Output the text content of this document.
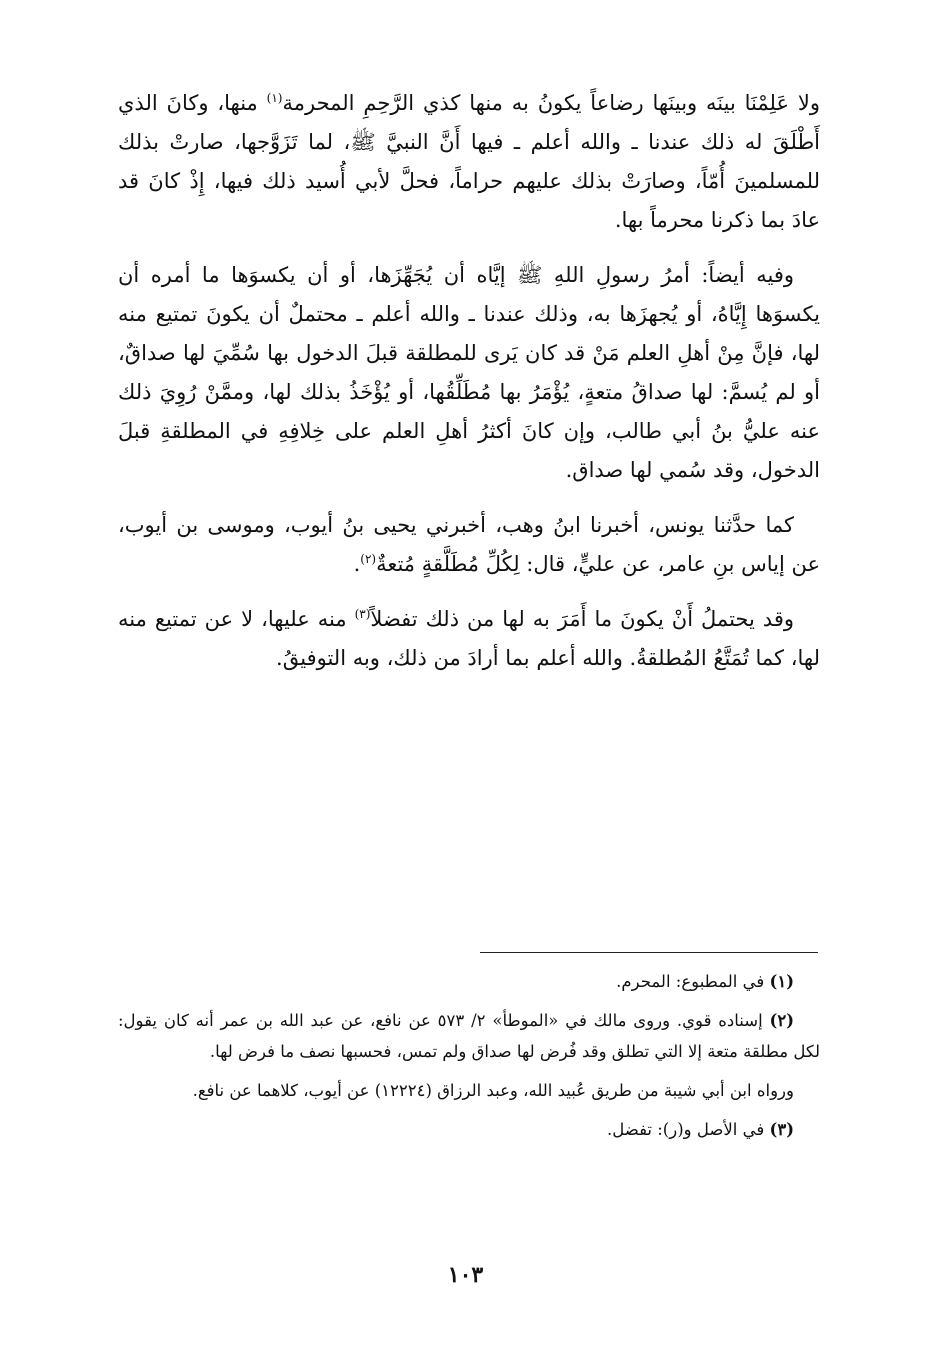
ولا عَلِمْنَا بينَه وبينَها رضاعاً يكونُ به منها كذي الرَّحِمِ المحرمة$^{(١)}$ منها، وكانَ الذي أَطْلَقَ له ذلك عندنا ـ والله أعلم ـ فيها أَنَّ النبيَّ ﷺ، لما تَزَوَّجها، صارتْ بذلك للمسلمينَ أُمّاً، وصارَتْ بذلك عليهم حراماً، فحلَّ لأبي أُسيد ذلك فيها، إِذْ كانَ قد عادَ بما ذكرنا محرماً بها.

وفيه أيضاً: أمرُ رسولِ اللهِ ﷺ إيَّاه أن يُجَهِّزَها، أو أن يكسوَها ما أمره أن يكسوَها إِيَّاهُ، أو يُجهزَها به، وذلك عندنا ـ والله أعلم ـ محتملٌ أن يكونَ تمتيع منه لها، فإنَّ مِنْ أهلِ العلم مَنْ قد كان يَرى للمطلقة قبلَ الدخول بها سُمِّيَ لها صداقٌ، أو لم يُسمَّ: لها صداقُ متعةٍ، يُؤْمَرُ بها مُطَلِّقُها، أو يُؤْخَذُ بذلك لها، وممَّنْ رُوِيَ ذلك عنه عليُّ بنُ أبي طالب، وإن كانَ أكثرُ أهلِ العلم على خِلافِهِ في المطلقةِ قبلَ الدخول، وقد سُمي لها صداق.

كما حدَّثنا يونس، أخبرنا ابنُ وهب، أخبرني يحيى بنُ أيوب، وموسى بن أيوب، عن إياس بنِ عامر، عن عليٍّ، قال: لِكُلِّ مُطَلَّقةٍ مُتعةٌ$^{(٢)}$.

وقد يحتملُ أَنْ يكونَ ما أَمَرَ به لها من ذلك تفضلاً$^{(٣)}$ منه عليها، لا عن تمتيع منه لها، كما تُمَتَّعُ المُطلقةُ. والله أعلم بما أرادَ من ذلك، وبه التوفيقُ.

(١) في المطبوع: المحرم.

(٢) إسناده قوي. وروى مالك في «الموطأ» ٢/ ٥٧٣ عن نافع، عن عبد الله بن عمر أنه كان يقول: لكل مطلقة متعة إلا التي تطلق وقد فُرض لها صداق ولم تمس، فحسبها نصف ما فرض لها.

ورواه ابن أبي شيبة من طريق عُبيد الله، وعبد الرزاق (١٢٢٢٤) عن أيوب، كلاهما عن نافع.

(٣) في الأصل و(ر): تفضل.

١٠٣
